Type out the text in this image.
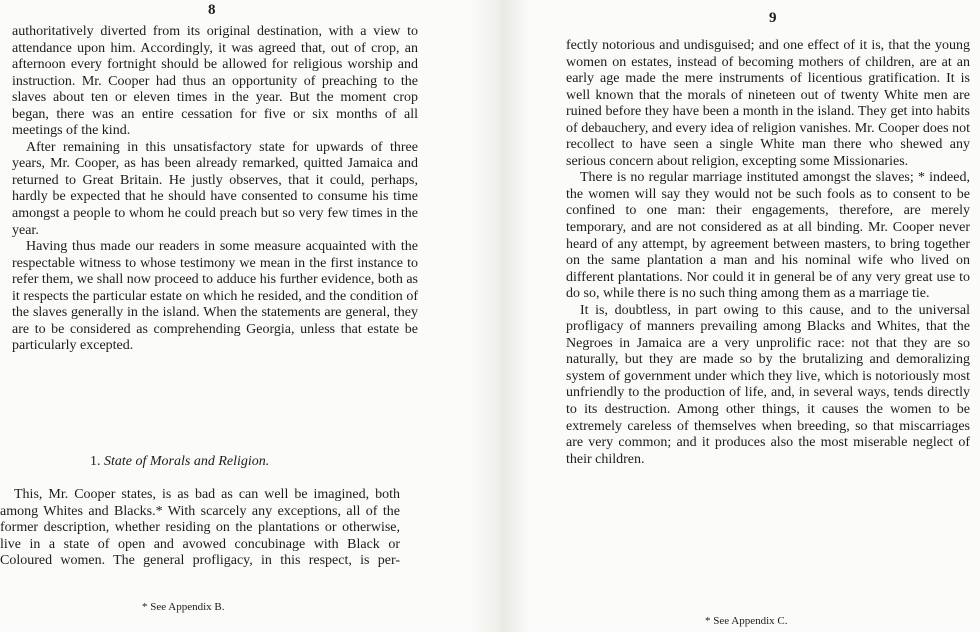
8

authoritatively diverted from its original destination, with a view to attendance upon him. Accordingly, it was agreed that, out of crop, an afternoon every fortnight should be allowed for religious worship and instruction. Mr. Cooper had thus an opportunity of preaching to the slaves about ten or eleven times in the year. But the moment crop began, there was an entire cessation for five or six months of all meetings of the kind.

After remaining in this unsatisfactory state for upwards of three years, Mr. Cooper, as has been already remarked, quitted Jamaica and returned to Great Britain. He justly observes, that it could, perhaps, hardly be expected that he should have consented to consume his time amongst a people to whom he could preach but so very few times in the year.

Having thus made our readers in some measure acquainted with the respectable witness to whose testimony we mean in the first instance to refer them, we shall now proceed to adduce his further evidence, both as it respects the particular estate on which he resided, and the condition of the slaves generally in the island. When the statements are general, they are to be considered as comprehending Georgia, unless that estate be particularly excepted.

1. State of Morals and Religion.

This, Mr. Cooper states, is as bad as can well be imagined, both among Whites and Blacks.* With scarcely any exceptions, all of the former description, whether residing on the plantations or otherwise, live in a state of open and avowed concubinage with Black or Coloured women. The general profligacy, in this respect, is per-

* See Appendix B.
9

fectly notorious and undisguised; and one effect of it is, that the young women on estates, instead of becoming mothers of children, are at an early age made the mere instruments of licentious gratification. It is well known that the morals of nineteen out of twenty White men are ruined before they have been a month in the island. They get into habits of debauchery, and every idea of religion vanishes. Mr. Cooper does not recollect to have seen a single White man there who shewed any serious concern about religion, excepting some Missionaries.

There is no regular marriage instituted amongst the slaves; * indeed, the women will say they would not be such fools as to consent to be confined to one man: their engagements, therefore, are merely temporary, and are not considered as at all binding. Mr. Cooper never heard of any attempt, by agreement between masters, to bring together on the same plantation a man and his nominal wife who lived on different plantations. Nor could it in general be of any very great use to do so, while there is no such thing among them as a marriage tie.

It is, doubtless, in part owing to this cause, and to the universal profligacy of manners prevailing among Blacks and Whites, that the Negroes in Jamaica are a very unprolific race: not that they are so naturally, but they are made so by the brutalizing and demoralizing system of government under which they live, which is notoriously most unfriendly to the production of life, and, in several ways, tends directly to its destruction. Among other things, it causes the women to be extremely careless of themselves when breeding, so that miscarriages are very common; and it produces also the most miserable neglect of their children.

* See Appendix C.
